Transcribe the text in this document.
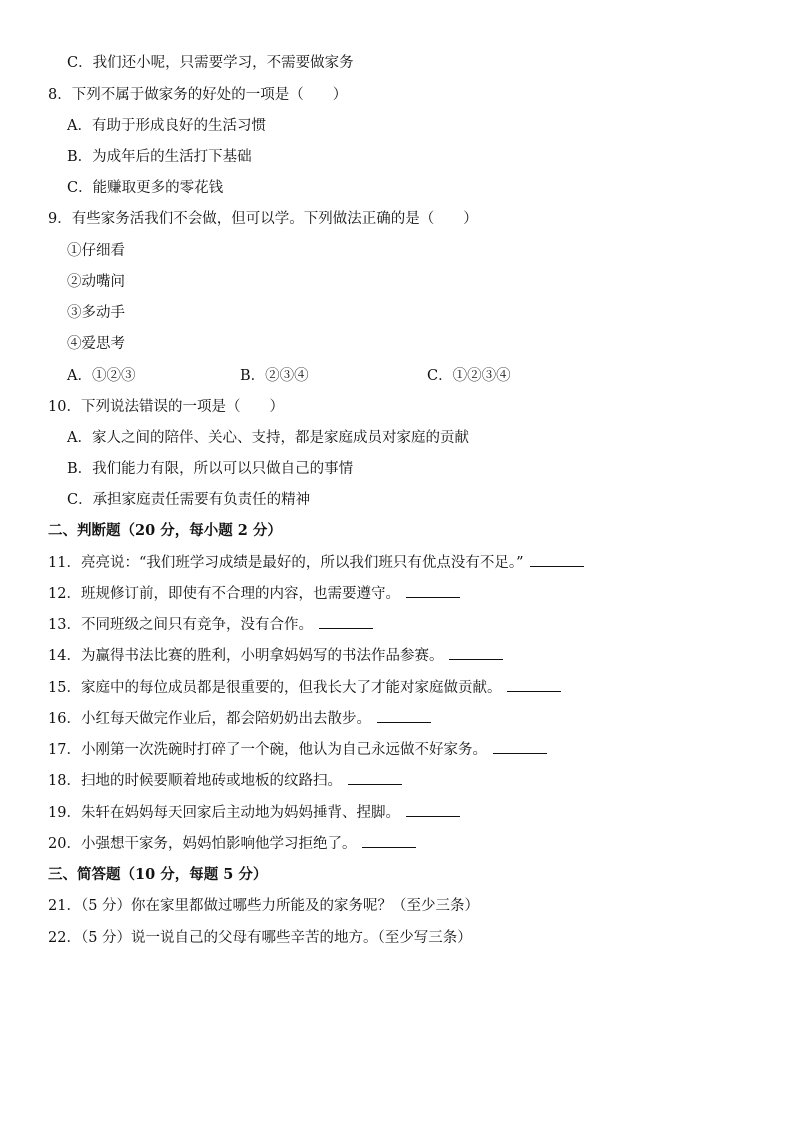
C．我们还小呢，只需要学习，不需要做家务
8．下列不属于做家务的好处的一项是（　　）
A．有助于形成良好的生活习惯
B．为成年后的生活打下基础
C．能赚取更多的零花钱
9．有些家务活我们不会做，但可以学。下列做法正确的是（　　）
①仔细看
②动嘴问
③多动手
④爱思考
A．①②③	B．②③④	C．①②③④
10．下列说法错误的一项是（　　）
A．家人之间的陪伴、关心、支持，都是家庭成员对家庭的贡献
B．我们能力有限，所以可以只做自己的事情
C．承担家庭责任需要有负责任的精神
二、判断题（20 分，每小题 2 分）
11．亮亮说：“我们班学习成绩是最好的，所以我们班只有优点没有不足。”
12．班规修订前，即使有不合理的内容，也需要遵守。
13．不同班级之间只有竞争，没有合作。
14．为赢得书法比赛的胜利，小明拿妈妈写的书法作品参赛。
15．家庭中的每位成员都是很重要的，但我长大了才能对家庭做贡献。
16．小红每天做完作业后，都会陪奶奶出去散步。
17．小刚第一次洗碗时打碎了一个碗，他认为自己永远做不好家务。
18．扫地的时候要顺着地砖或地板的纹路扫。
19．朱轩在妈妈每天回家后主动地为妈妈捶背、捏脚。
20．小强想干家务，妈妈怕影响他学习拒绝了。
三、简答题（10 分，每题 5 分）
21．（5 分）你在家里都做过哪些力所能及的家务呢？（至少三条）
22．（5 分）说一说自己的父母有哪些辛苦的地方。（至少写三条）
